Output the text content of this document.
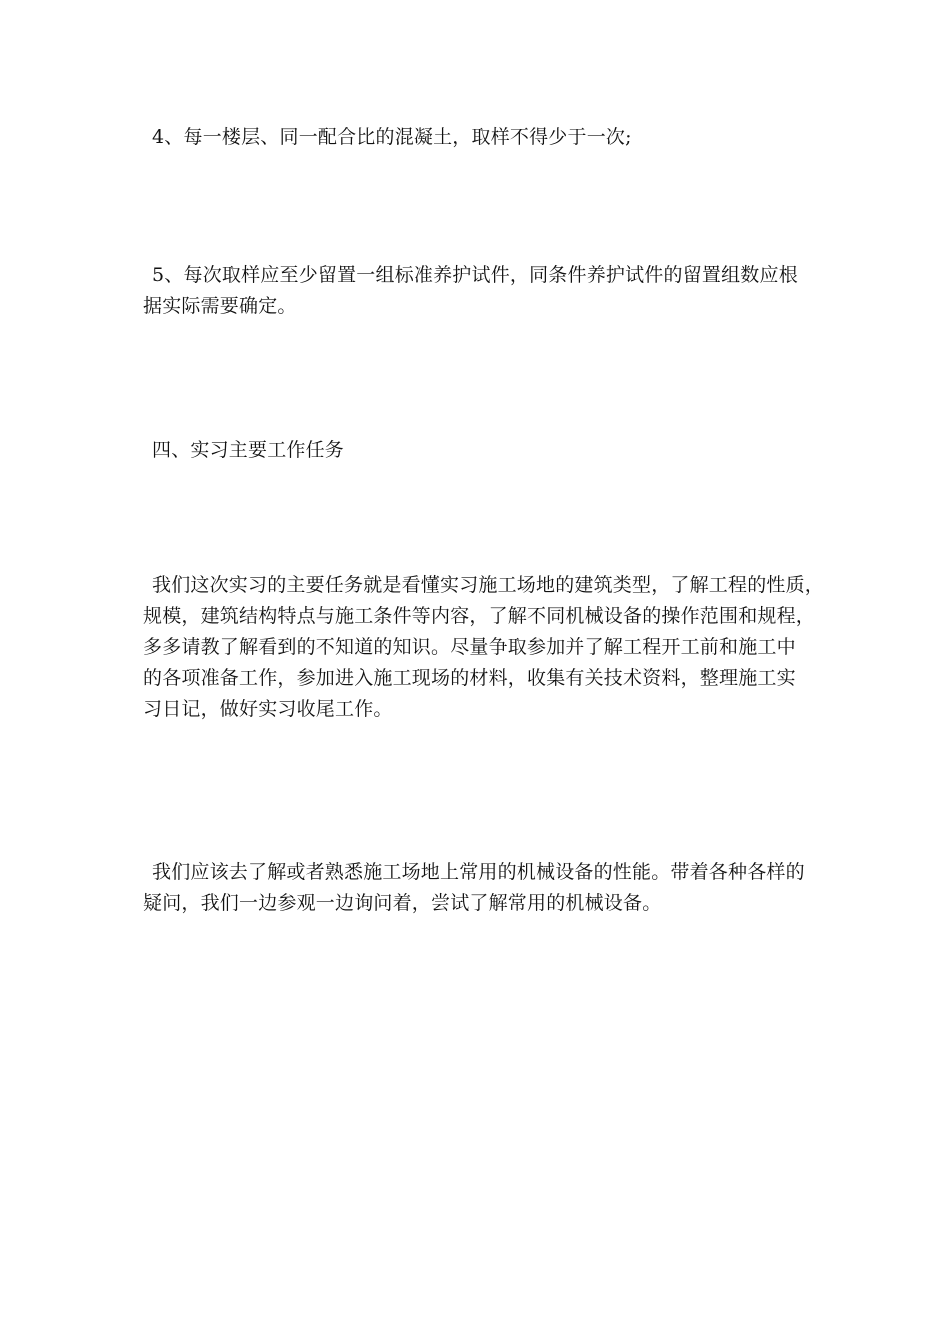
4、每一楼层、同一配合比的混凝土，取样不得少于一次;
5、每次取样应至少留置一组标准养护试件，同条件养护试件的留置组数应根
据实际需要确定。
四、实习主要工作任务
我们这次实习的主要任务就是看懂实习施工场地的建筑类型，了解工程的性质，
规模，建筑结构特点与施工条件等内容，了解不同机械设备的操作范围和规程，
多多请教了解看到的不知道的知识。尽量争取参加并了解工程开工前和施工中
的各项准备工作，参加进入施工现场的材料，收集有关技术资料，整理施工实
习日记，做好实习收尾工作。
我们应该去了解或者熟悉施工场地上常用的机械设备的性能。带着各种各样的
疑问，我们一边参观一边询问着，尝试了解常用的机械设备。
